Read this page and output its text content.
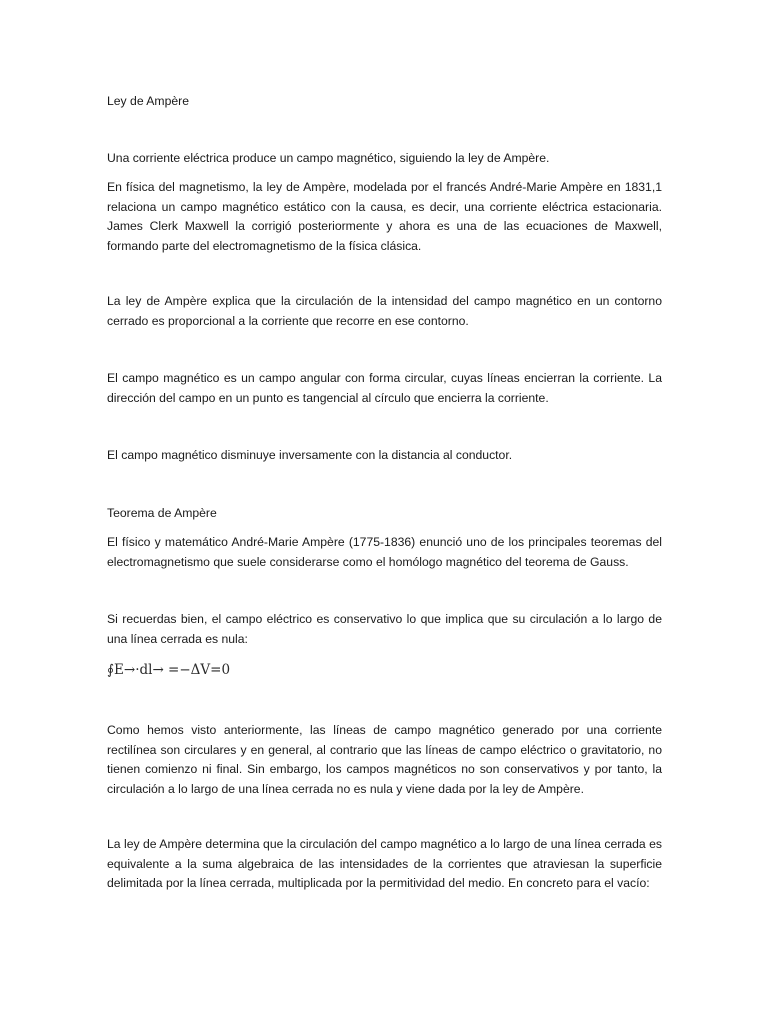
Ley de Ampère

Una corriente eléctrica produce un campo magnético, siguiendo la ley de Ampère.

En física del magnetismo, la ley de Ampère, modelada por el francés André-Marie Ampère en 1831,1 relaciona un campo magnético estático con la causa, es decir, una corriente eléctrica estacionaria. James Clerk Maxwell la corrigió posteriormente y ahora es una de las ecuaciones de Maxwell, formando parte del electromagnetismo de la física clásica.

La ley de Ampère explica que la circulación de la intensidad del campo magnético en un contorno cerrado es proporcional a la corriente que recorre en ese contorno.

El campo magnético es un campo angular con forma circular, cuyas líneas encierran la corriente. La dirección del campo en un punto es tangencial al círculo que encierra la corriente.

El campo magnético disminuye inversamente con la distancia al conductor.

Teorema de Ampère

El físico y matemático André-Marie Ampère (1775-1836) enunció uno de los principales teoremas del electromagnetismo que suele considerarse como el homólogo magnético del teorema de Gauss.

Si recuerdas bien, el campo eléctrico es conservativo lo que implica que su circulación a lo largo de una línea cerrada es nula:

∮E→·dl→ =−ΔV=0

Como hemos visto anteriormente, las líneas de campo magnético generado por una corriente rectilínea son circulares y en general, al contrario que las líneas de campo eléctrico o gravitatorio, no tienen comienzo ni final. Sin embargo, los campos magnéticos no son conservativos y por tanto, la circulación a lo largo de una línea cerrada no es nula y viene dada por la ley de Ampère.

La ley de Ampère determina que la circulación del campo magnético a lo largo de una línea cerrada es equivalente a la suma algebraica de las intensidades de la corrientes que atraviesan la superficie delimitada por la línea cerrada, multiplicada por la permitividad del medio. En concreto para el vacío:
